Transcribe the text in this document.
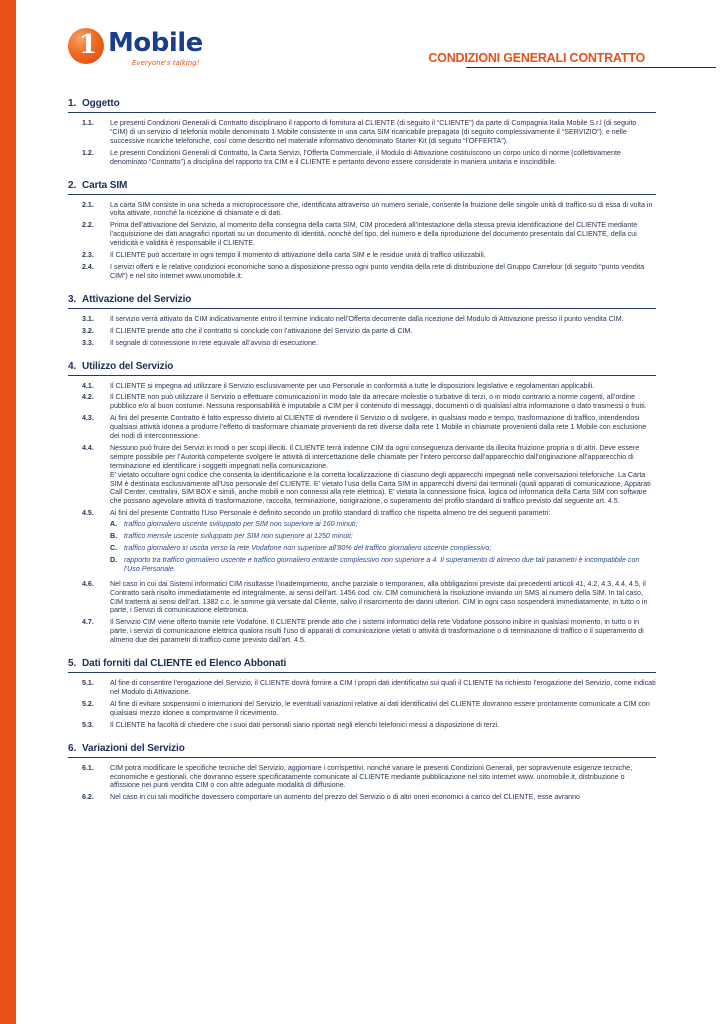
1 Mobile
Everyone's talking!	CONDIZIONI GENERALI CONTRATTO
1. Oggetto
1.1.	Le presenti Condizioni Generali di Contratto disciplinano il rapporto di fornitura al CLIENTE (di seguito il “CLIENTE”) da parte di Compagnia Italia Mobile S.r.l (di seguito “CIM) di un servizio di telefonia mobile denominato 1 Mobile consistente in una carta SIM ricaricabile prepagata (di seguito complessivamente il “SERVIZIO”), e nelle successive ricariche telefoniche, così come descritto nel materiale informativo denominato Starter Kit (di seguito “l’OFFERTA”).

1.2.	Le presenti Condizioni Generali di Contratto, la Carta Servizi, l’Offerta Commerciale, il Modulo di Attivazione costituiscono un corpo unico di norme (collettivamente denominato “Contratto”) a disciplina del rapporto tra CIM e il CLIENTE e pertanto devono essere considerate in maniera unitaria e inscindibile.

2. Carta SIM
2.1.	La carta SIM consiste in una scheda a microprocessore che, identificata attraverso un numero seriale, consente la fruizione delle singole unità di traffico su di essa di volta in volta attivate, nonché la ricezione di chiamate e di dati.

2.2.	Prima dell’attivazione del Servizio, al momento della consegna della carta SIM, CIM procederà all’intestazione della stessa previa identificazione del CLIENTE mediante l’acquisizione dei dati anagrafici riportati su un documento di identità, nonché del tipo, del numero e della riproduzione del documento presentato dal CLIENTE, della cui veridicità e validità è responsabile il CLIENTE.

2.3.	Il CLIENTE può accertare in ogni tempo il momento di attivazione della carta SIM e le residue unità di traffico utilizzabili.

2.4.	I servizi offerti e le relative condizioni economiche sono a disposizione presso ogni punto vendita della rete di distribuzione del Gruppo Carrefour (di seguito “punto vendita CIM”) e nel sito internet www.unomobile.it.

3. Attivazione del Servizio
3.1.	Il servizio verrà attivato da CIM indicativamente entro il termine indicato nell’Offerta decorrente dalla ricezione del Modulo di Attivazione presso il punto vendita CIM.

3.2.	Il CLIENTE prende atto che il contratto si conclude con l’attivazione del Servizio da parte di CIM.

3.3.	Il segnale di connessione in rete equivale all’avviso di esecuzione.

4. Utilizzo del Servizio
4.1.	Il CLIENTE si impegna ad utilizzare il Servizio esclusivamente per uso Personale in conformità a tutte le disposizioni legislative e regolamentari applicabili.

4.2.	Il CLIENTE non può utilizzare il Servizio o effettuare comunicazioni in modo tale da arrecare molestie o turbative di terzi, o in modo contrario a norme cogenti, all’ordine pubblico e/o al buon costume. Nessuna responsabilità è imputabile a CIM per il contenuto di messaggi, documenti o di qualsiasi altra informazione o dato trasmessi o fruiti.

4.3.	Ai fini del presente Contratto è fatto espresso divieto al CLIENTE di rivendere il Servizio o di svolgere, in qualsiasi modo e tempo, trasformazione di traffico, intendendosi qualsiasi attività idonea a produrre l’effetto di trasformare chiamate provenienti da reti diverse dalla rete 1 Mobile in chiamate provenienti dalla rete 1 Mobile con esclusione dei nodi di interconnessione.

4.4.	Nessuno può fruire dei Servizi in modi o per scopi illeciti. Il CLIENTE terrà indenne CIM da ogni conseguenza derivante da illecita fruizione propria o di altri. Deve essere sempre possibile per l’Autorità competente svolgere le attività di intercettazione delle chiamate per l’intero percorso dall’apparecchio dall’originazione all’apparecchio di terminazione ed identificare i soggetti impegnati nella comunicazione.

E’ vietato occultare ogni codice che consenta la identificazione e la corretta localizzazione di ciascuno degli apparecchi impegnati nelle conversazioni telefoniche. La Carta SIM è destinata esclusivamente all’Uso personale del CLIENTE. E’ vietato l’uso della Carta SIM in apparecchi diversi dai terminali (quali apparati di comunicazione, Apparati Call Center, centralini, SIM BOX e simili, anche mobili e non connessi alla rete elettrica). E’ vietata la connessione fisica, logica od informatica della Carta SIM con software che possano agevolare attività di trasformazione, raccolta, terminazione, riorigirazione, o superamento del profilo standard di traffico previsto dal seguente art. 4.5.

4.5.	Ai fini del presente Contratto l’Uso Personale è definito secondo un profilo standard di traffico che rispetta almeno tre dei seguenti parametri:

A. traffico giornaliero uscente sviluppato per SIM non superiore ai 160 minuti;
B. traffico mensile uscente sviluppato per SIM non superiore ai 1250 minuti;
C. traffico giornaliero in uscita verso la rete Vodafone non superiore all’80% del traffico giornaliero uscente complessivo;
D. rapporto tra traffico giornaliero uscente e traffico giornaliero entrante complessivo non superiore a 4. Il superamento di almeno due tali parametri è incompatibile con l’Uso Personale.
4.6.	Nel caso in cui dai Sistemi informatici CIM risultasse l’inadempimento, anche parziale o temporaneo, alla obbligazioni previste dai precedenti articoli 41, 4.2, 4.3, 4.4, 4.5, il Contratto sarà risolto immediatamente ed integralmente, ai sensi dell’art. 1456 cod. civ. CIM comunicherà la risoluzione inviando un SMS al numero della SIM. In tal caso, CIM tratterrà ai sensi dell’art. 1382 c.c. le somme già versate dal Cliente, salvo il risarcimento dei danni ulteriori. CIM in ogni caso sospenderà immediatamente, in tutto o in parte, i Servizi di comunicazione elettronica.

4.7.	Il Servizio CIM viene offerto tramite rete Vodafone. Il CLIENTE prende atto che i sistemi informatici della rete Vodafone possono inibire in qualsiasi momento, in tutto o in parte, i servizi di comunicazione elettrica qualora risulti l’uso di apparati di comunicazione vietati o attività di trasformazione o di terminazione di traffico o il superamento di almeno due dei parametri di traffico come previsto dall’art. 4.5.

5. Dati forniti dal CLIENTE ed Elenco Abbonati
5.1.	Al fine di consentire l’erogazione del Servizio, il CLIENTE dovrà fornire a CIM i propri dati identificativi sui quali il CLIENTE ha richiesto l’erogazione del Servizio, come indicati nel Modulo di Attivazione.

5.2.	Al fine di evitare sospensioni o interruzioni del Servizio, le eventuali variazioni relative ai dati identificativi del CLIENTE dovranno essere prontamente comunicate a CIM con qualsiasi mezzo idoneo a comprovarne il ricevimento.

5.3.	Il CLIENTE ha facoltà di chiedere che i suoi dati personali siano riportati negli elenchi telefonici messi a disposizione di terzi.

6. Variazioni del Servizio
6.1.	CIM potrà modificare le specifiche tecniche del Servizio, aggiornare i corrispettivi, nonché variare le presenti Condizioni Generali, per sopravvenute esigenze tecniche, economiche e gestionali, che dovranno essere specificatamente comunicate al CLIENTE mediante pubblicazione nel sito internet www. unomobile.it, distribuzione o affissione nei punti vendita CIM o con altre adeguate modalità di diffusione.

6.2.	Nel caso in cui tali modifiche dovessero comportare un aumento del prezzo del Servizio o di altri oneri economici a carico del CLIENTE, esse avranno
